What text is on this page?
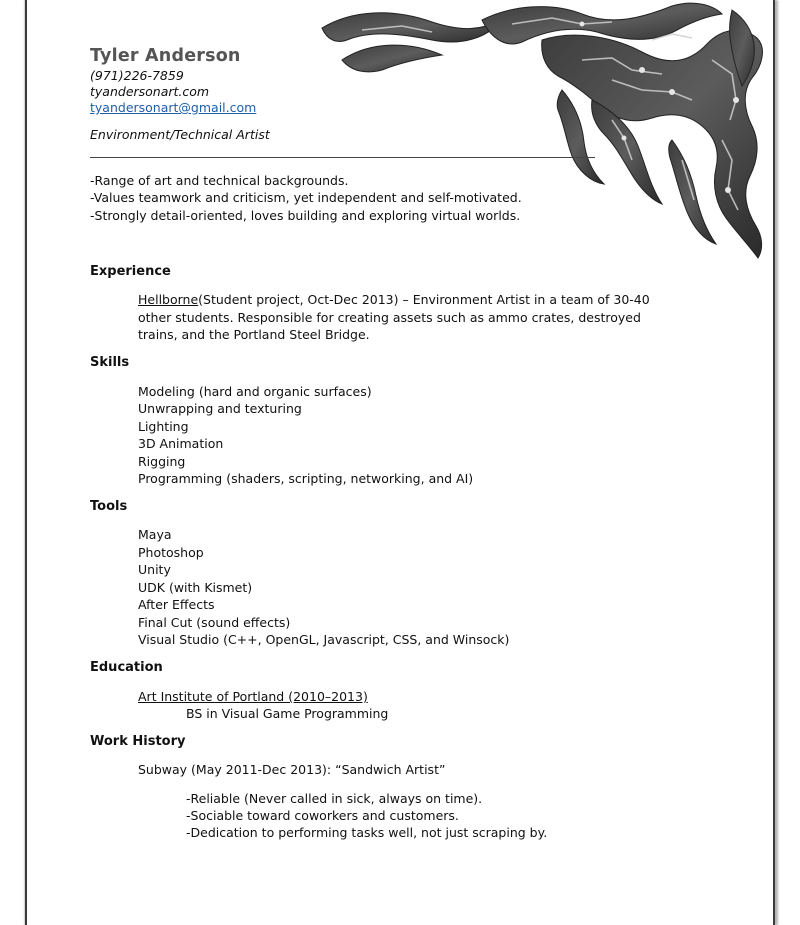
Tyler Anderson
(971)226-7859
tyandersonart.com
tyandersonart@gmail.com
Environment/Technical Artist
-Range of art and technical backgrounds.
-Values teamwork and criticism, yet independent and self-motivated.
-Strongly detail-oriented, loves building and exploring virtual worlds.
Experience
Hellborne(Student project, Oct-Dec 2013) – Environment Artist in a team of 30-40
other students. Responsible for creating assets such as ammo crates, destroyed
trains, and the Portland Steel Bridge.
Skills
Modeling (hard and organic surfaces)
Unwrapping and texturing
Lighting
3D Animation
Rigging
Programming (shaders, scripting, networking, and AI)
Tools
Maya
Photoshop
Unity
UDK (with Kismet)
After Effects
Final Cut (sound effects)
Visual Studio (C++, OpenGL, Javascript, CSS, and Winsock)
Education
Art Institute of Portland (2010–2013)
BS in Visual Game Programming
Work History
Subway (May 2011-Dec 2013): “Sandwich Artist”
-Reliable (Never called in sick, always on time).
-Sociable toward coworkers and customers.
-Dedication to performing tasks well, not just scraping by.
